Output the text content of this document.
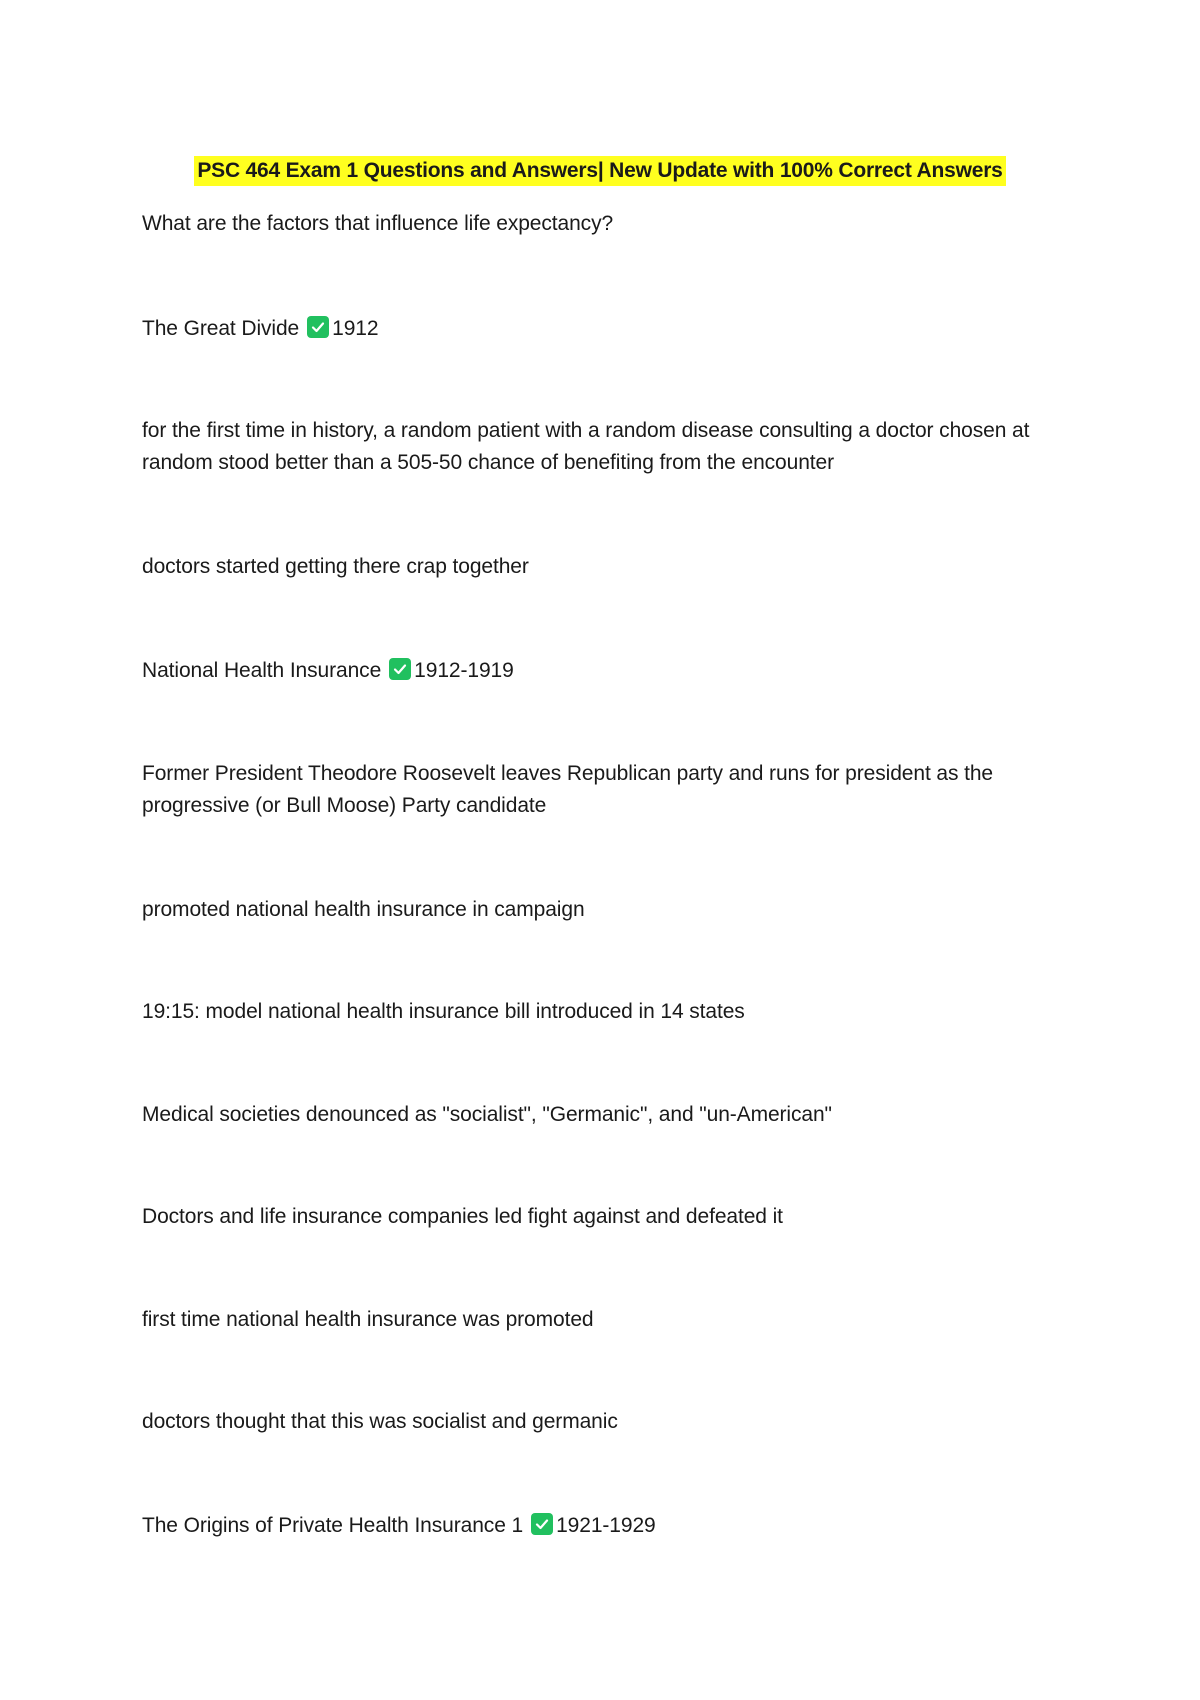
PSC 464 Exam 1 Questions and Answers| New Update with 100% Correct Answers
What are the factors that influence life expectancy?
The Great Divide 1912
for the first time in history, a random patient with a random disease consulting a doctor chosen at random stood better than a 505-50 chance of benefiting from the encounter
doctors started getting there crap together
National Health Insurance 1912-1919
Former President Theodore Roosevelt leaves Republican party and runs for president as the progressive (or Bull Moose) Party candidate
promoted national health insurance in campaign
19:15: model national health insurance bill introduced in 14 states
Medical societies denounced as "socialist", "Germanic", and "un-American"
Doctors and life insurance companies led fight against and defeated it
first time national health insurance was promoted
doctors thought that this was socialist and germanic
The Origins of Private Health Insurance 1 1921-1929
